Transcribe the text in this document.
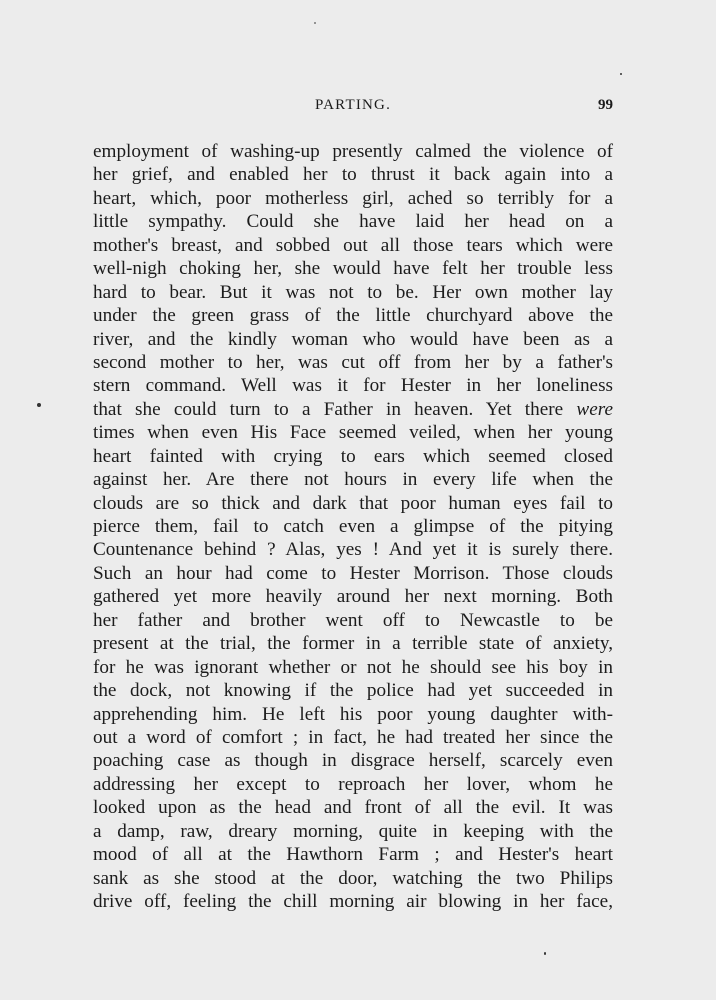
PARTING.	99
employment of washing-up presently calmed the violence of
her grief, and enabled her to thrust it back again into a
heart, which, poor motherless girl, ached so terribly for a
little sympathy. Could she have laid her head on a
mother's breast, and sobbed out all those tears which were
well-nigh choking her, she would have felt her trouble less
hard to bear. But it was not to be. Her own mother lay
under the green grass of the little churchyard above the
river, and the kindly woman who would have been as a
second mother to her, was cut off from her by a father's
stern command. Well was it for Hester in her loneliness
that she could turn to a Father in heaven. Yet there were
times when even His Face seemed veiled, when her young
heart fainted with crying to ears which seemed closed
against her. Are there not hours in every life when the
clouds are so thick and dark that poor human eyes fail to
pierce them, fail to catch even a glimpse of the pitying
Countenance behind ? Alas, yes ! And yet it is surely there.
Such an hour had come to Hester Morrison. Those clouds
gathered yet more heavily around her next morning. Both
her father and brother went off to Newcastle to be
present at the trial, the former in a terrible state of anxiety,
for he was ignorant whether or not he should see his boy in
the dock, not knowing if the police had yet succeeded in
apprehending him. He left his poor young daughter with-
out a word of comfort ; in fact, he had treated her since the
poaching case as though in disgrace herself, scarcely even
addressing her except to reproach her lover, whom he
looked upon as the head and front of all the evil. It was
a damp, raw, dreary morning, quite in keeping with the
mood of all at the Hawthorn Farm ; and Hester's heart
sank as she stood at the door, watching the two Philips
drive off, feeling the chill morning air blowing in her face,
